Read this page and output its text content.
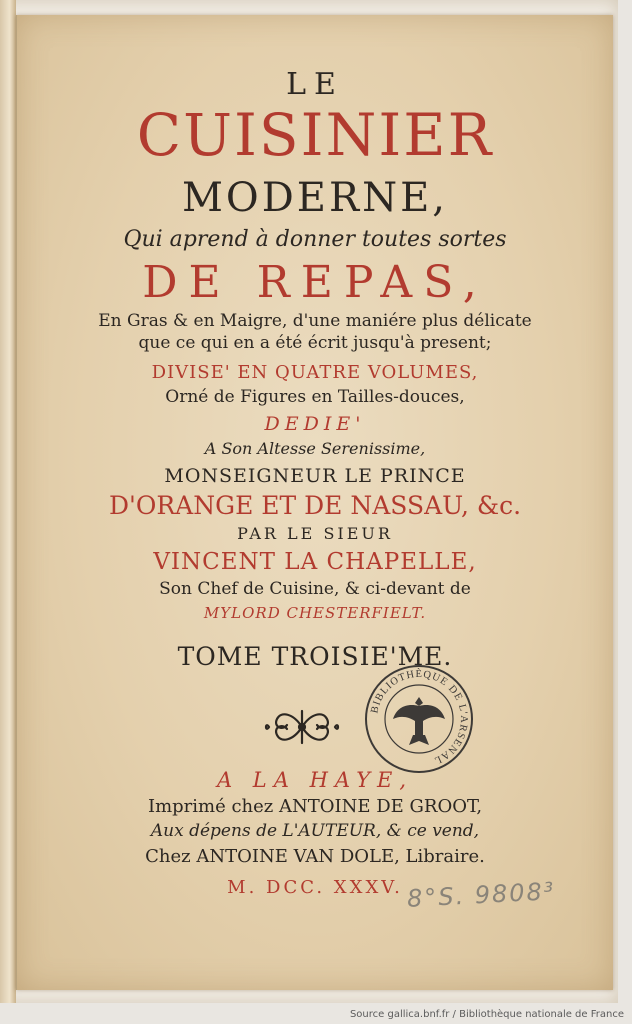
LE
CUISINIER
MODERNE,
Qui aprend à donner toutes sortes
DE REPAS,
En Gras & en Maigre, d'une maniére plus délicate
que ce qui en a été écrit jusqu'à present;
DIVISE' EN QUATRE VOLUMES,
Orné de Figures en Tailles-douces,
DEDIE'
A Son Altesse Serenissime,
MONSEIGNEUR LE PRINCE
D'ORANGE ET DE NASSAU, &c.
PAR LE SIEUR
VINCENT LA CHAPELLE,
Son Chef de Cuisine, & ci-devant de
MYLORD CHESTERFIELT.
TOME TROISIE'ME.
BIBLIOTHÈQUE DE L'ARSENAL
A LA HAYE,
Imprimé chez ANTOINE DE GROOT,
Aux dépens de L'AUTEUR, & ce vend,
Chez ANTOINE VAN DOLE, Libraire.
M. DCC. XXXV. 8°S. 9808³
Source gallica.bnf.fr / Bibliothèque nationale de France
